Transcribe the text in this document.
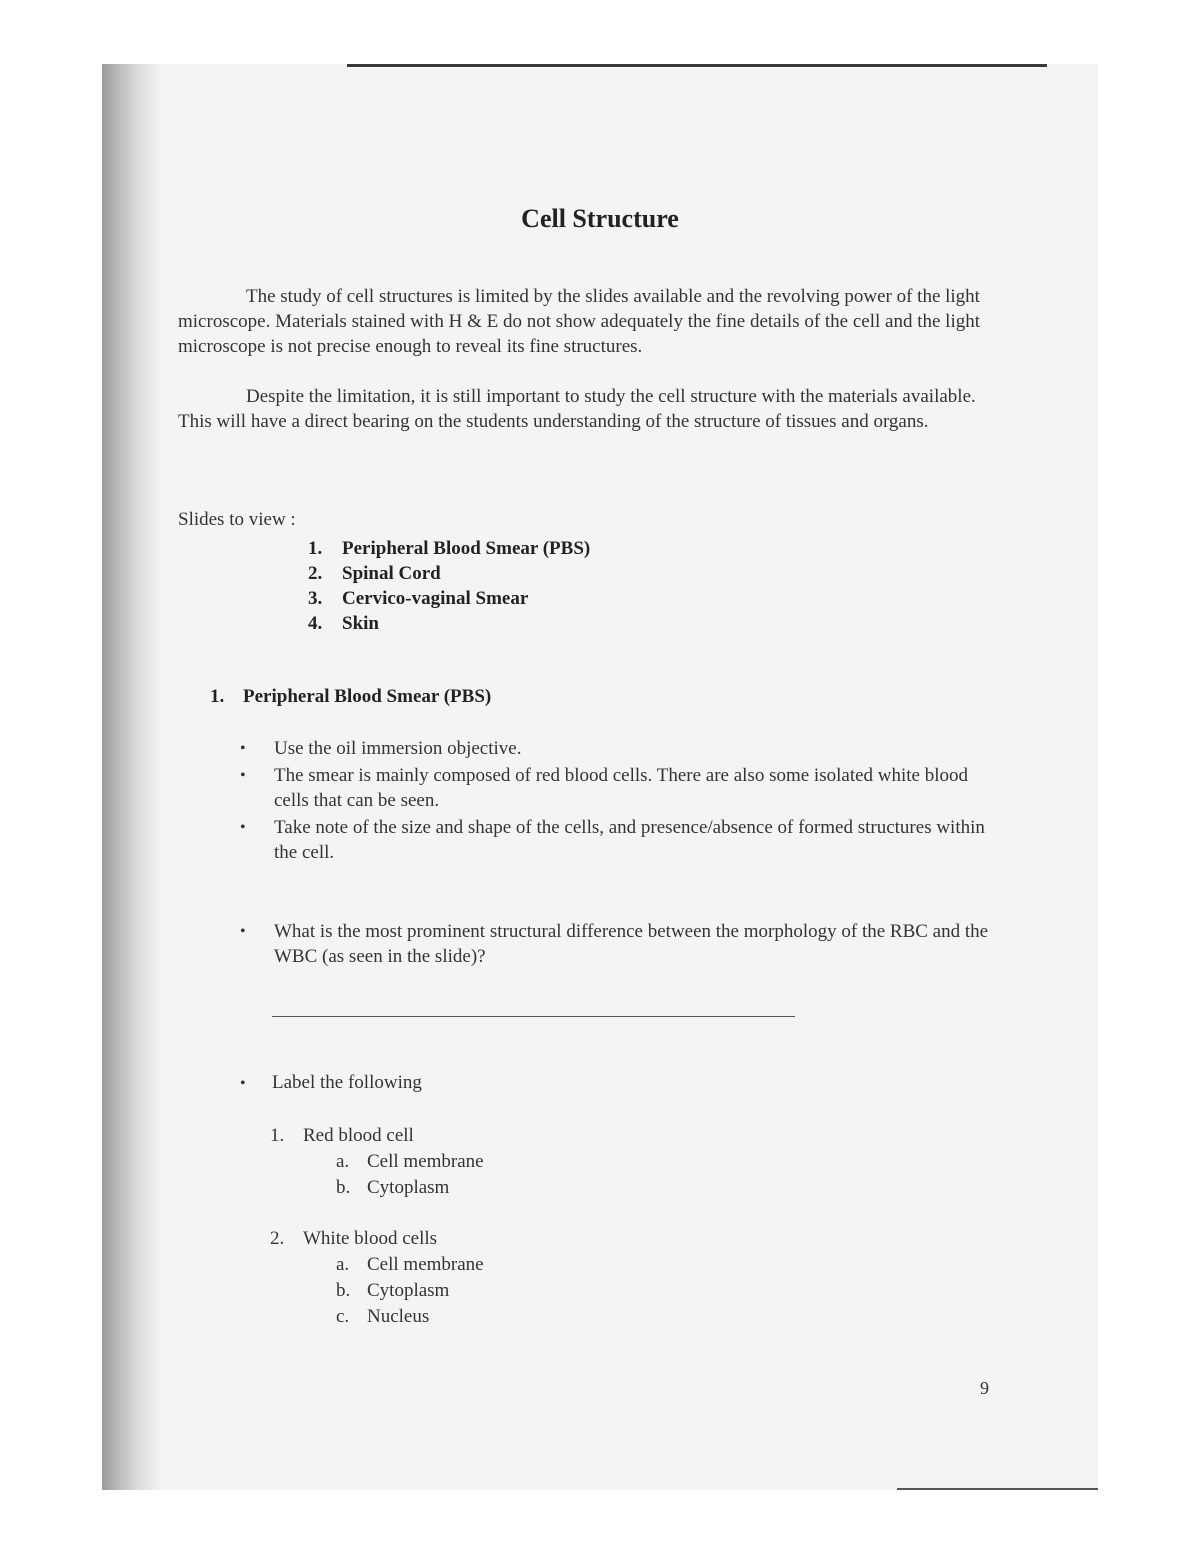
Cell Structure

The study of cell structures is limited by the slides available and the revolving power of the light microscope. Materials stained with H & E do not show adequately the fine details of the cell and the light microscope is not precise enough to reveal its fine structures.

Despite the limitation, it is still important to study the cell structure with the materials available. This will have a direct bearing on the students understanding of the structure of tissues and organs.

Slides to view :
1. Peripheral Blood Smear (PBS)
2. Spinal Cord
3. Cervico-vaginal Smear
4. Skin
1. Peripheral Blood Smear (PBS)
• Use the oil immersion objective.
• The smear is mainly composed of red blood cells. There are also some isolated white blood cells that can be seen.
• Take note of the size and shape of the cells, and presence/absence of formed structures within the cell.
• What is the most prominent structural difference between the morphology of the RBC and the WBC (as seen in the slide)?
• Label the following
1. Red blood cell
a. Cell membrane
b. Cytoplasm
2. White blood cells
a. Cell membrane
b. Cytoplasm
c. Nucleus
9
